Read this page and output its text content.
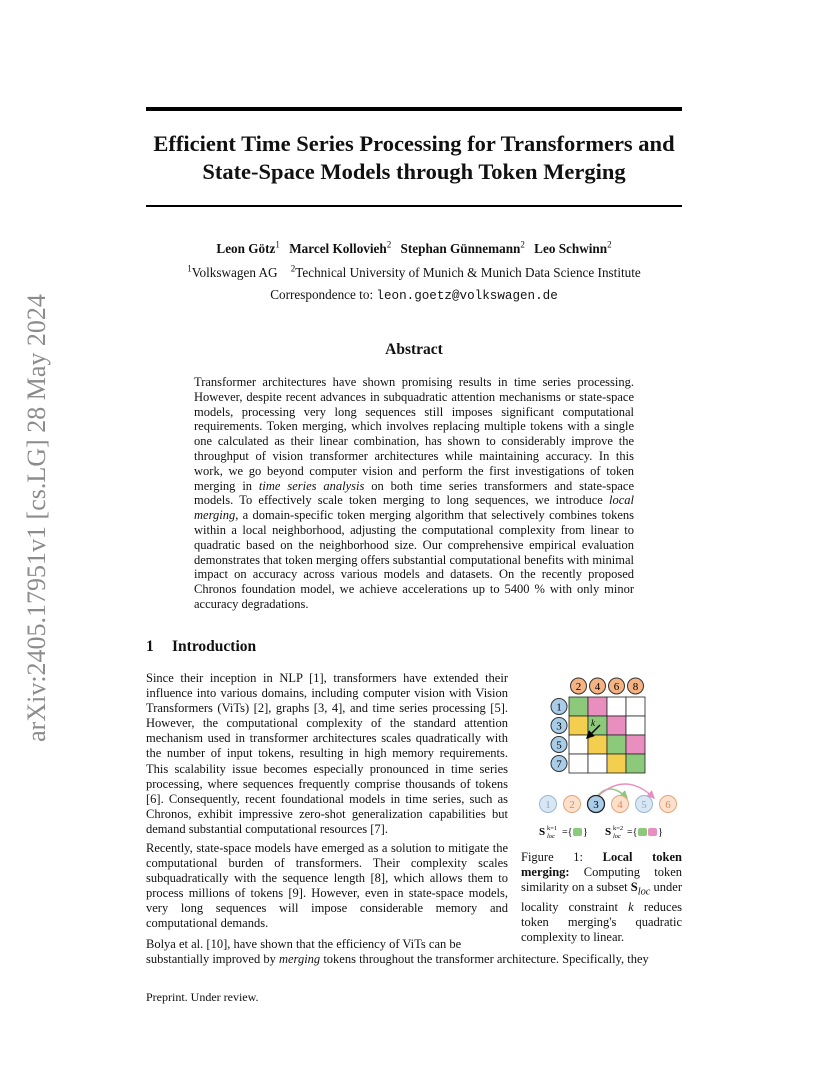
arXiv:2405.17951v1 [cs.LG] 28 May 2024
Efficient Time Series Processing for Transformers and
State-Space Models through Token Merging
Leon Götz$^1$ Marcel Kollovieh$^2$ Stephan Günnemann$^2$ Leo Schwinn$^2$
$^1$Volkswagen AG $^2$Technical University of Munich & Munich Data Science Institute
Correspondence to: leon.goetz@volkswagen.de
Abstract
Transformer architectures have shown promising results in time series processing. However, despite recent advances in subquadratic attention mechanisms or state-space models, processing very long sequences still imposes significant computational requirements. Token merging, which involves replacing multiple tokens with a single one calculated as their linear combination, has shown to considerably improve the throughput of vision transformer architectures while maintaining accuracy. In this work, we go beyond computer vision and perform the first investigations of token merging in time series analysis on both time series transformers and state-space models. To effectively scale token merging to long sequences, we introduce local merging, a domain-specific token merging algorithm that selectively combines tokens within a local neighborhood, adjusting the computational complexity from linear to quadratic based on the neighborhood size. Our comprehensive empirical evaluation demonstrates that token merging offers substantial computational benefits with minimal impact on accuracy across various models and datasets. On the recently proposed Chronos foundation model, we achieve accelerations up to 5400 % with only minor accuracy degradations.
1 Introduction
Since their inception in NLP [1], transformers have extended their influence into various domains, including computer vision with Vision Transformers (ViTs) [2], graphs [3, 4], and time series processing [5]. However, the computational complexity of the standard attention mechanism used in transformer architectures scales quadratically with the number of input tokens, resulting in high memory requirements. This scalability issue becomes especially pronounced in time series processing, where sequences frequently comprise thousands of tokens [6]. Consequently, recent foundational models in time series, such as Chronos, exhibit impressive zero-shot generalization capabilities but demand substantial computational resources [7].
Recently, state-space models have emerged as a solution to mitigate the computational burden of transformers. Their complexity scales subquadratically with the sequence length [8], which allows them to process millions of tokens [9]. However, even in state-space models, very long sequences will impose considerable memory and computational demands.
Bolya et al. [10], have shown that the efficiency of ViTs can be
substantially improved by merging tokens throughout the transformer architecture. Specifically, they
2 4 6 8
1
3
5
7
k
1 2 3 4 5 6
S k=1
loc ={ } S k=2
loc ={ }
Figure 1: Local token merging: Computing token similarity on a subset $S_{loc}$ under locality constraint k reduces token merging's quadratic complexity to linear.
Preprint. Under review.
